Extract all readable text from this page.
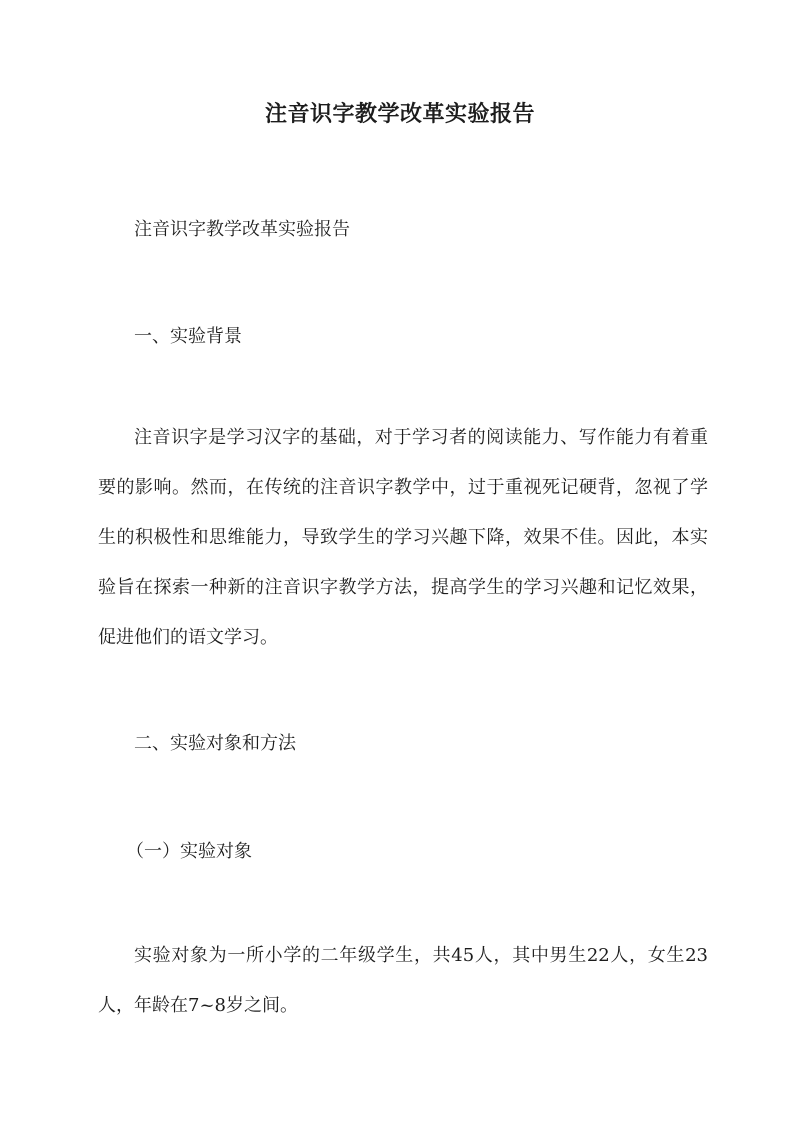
注音识字教学改革实验报告

注音识字教学改革实验报告

一、实验背景

注音识字是学习汉字的基础，对于学习者的阅读能力、写作能力有着重要的影响。然而，在传统的注音识字教学中，过于重视死记硬背，忽视了学生的积极性和思维能力，导致学生的学习兴趣下降，效果不佳。因此，本实验旨在探索一种新的注音识字教学方法，提高学生的学习兴趣和记忆效果，促进他们的语文学习。

二、实验对象和方法

（一）实验对象

实验对象为一所小学的二年级学生，共45人，其中男生22人，女生23人，年龄在7~8岁之间。
